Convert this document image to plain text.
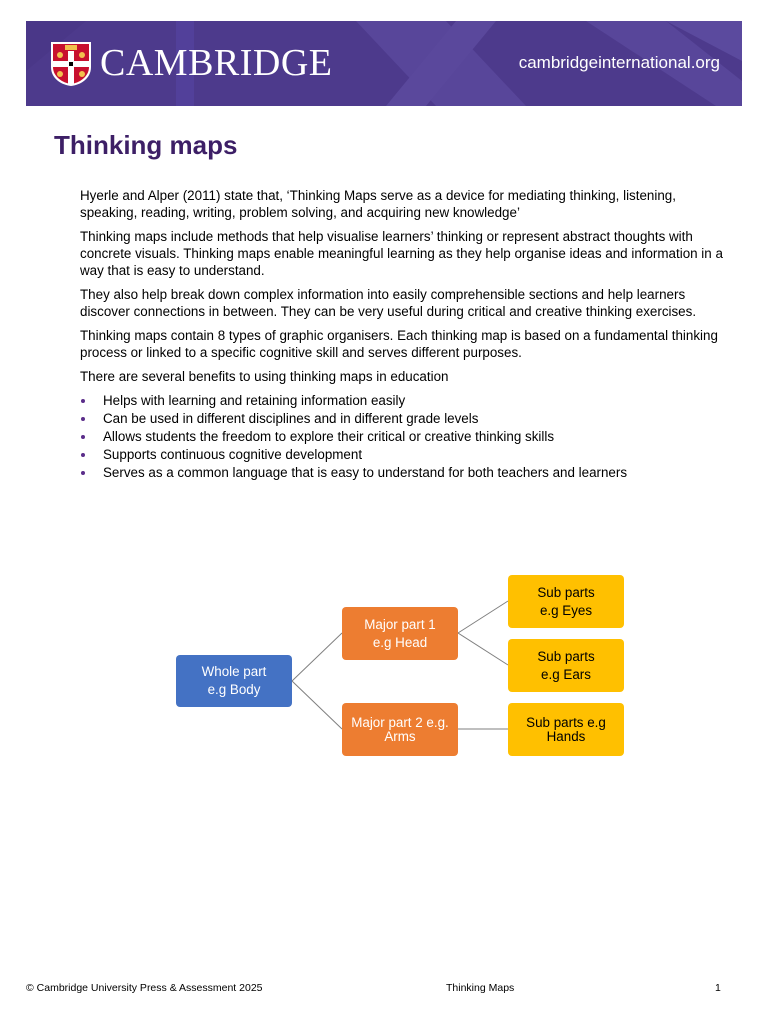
CAMBRIDGE	cambridgeinternational.org
Thinking maps

Hyerle and Alper (2011) state that, ‘Thinking Maps serve as a device for mediating thinking, listening, speaking, reading, writing, problem solving, and acquiring new knowledge’

Thinking maps include methods that help visualise learners’ thinking or represent abstract thoughts with concrete visuals. Thinking maps enable meaningful learning as they help organise ideas and information in a way that is easy to understand.

They also help break down complex information into easily comprehensible sections and help learners discover connections in between. They can be very useful during critical and creative thinking exercises.

Thinking maps contain 8 types of graphic organisers. Each thinking map is based on a fundamental thinking process or linked to a specific cognitive skill and serves different purposes.

There are several benefits to using thinking maps in education

Helps with learning and retaining information easily
Can be used in different disciplines and in different grade levels
Allows students the freedom to explore their critical or creative thinking skills
Supports continuous cognitive development
Serves as a common language that is easy to understand for both teachers and learners
Whole part
e.g Body
Major part 1
e.g Head
Major part 2 e.g.
Arms
Sub parts
e.g Eyes
Sub parts
e.g Ears
Sub parts e.g
Hands
© Cambridge University Press & Assessment 2025	Thinking Maps	1
